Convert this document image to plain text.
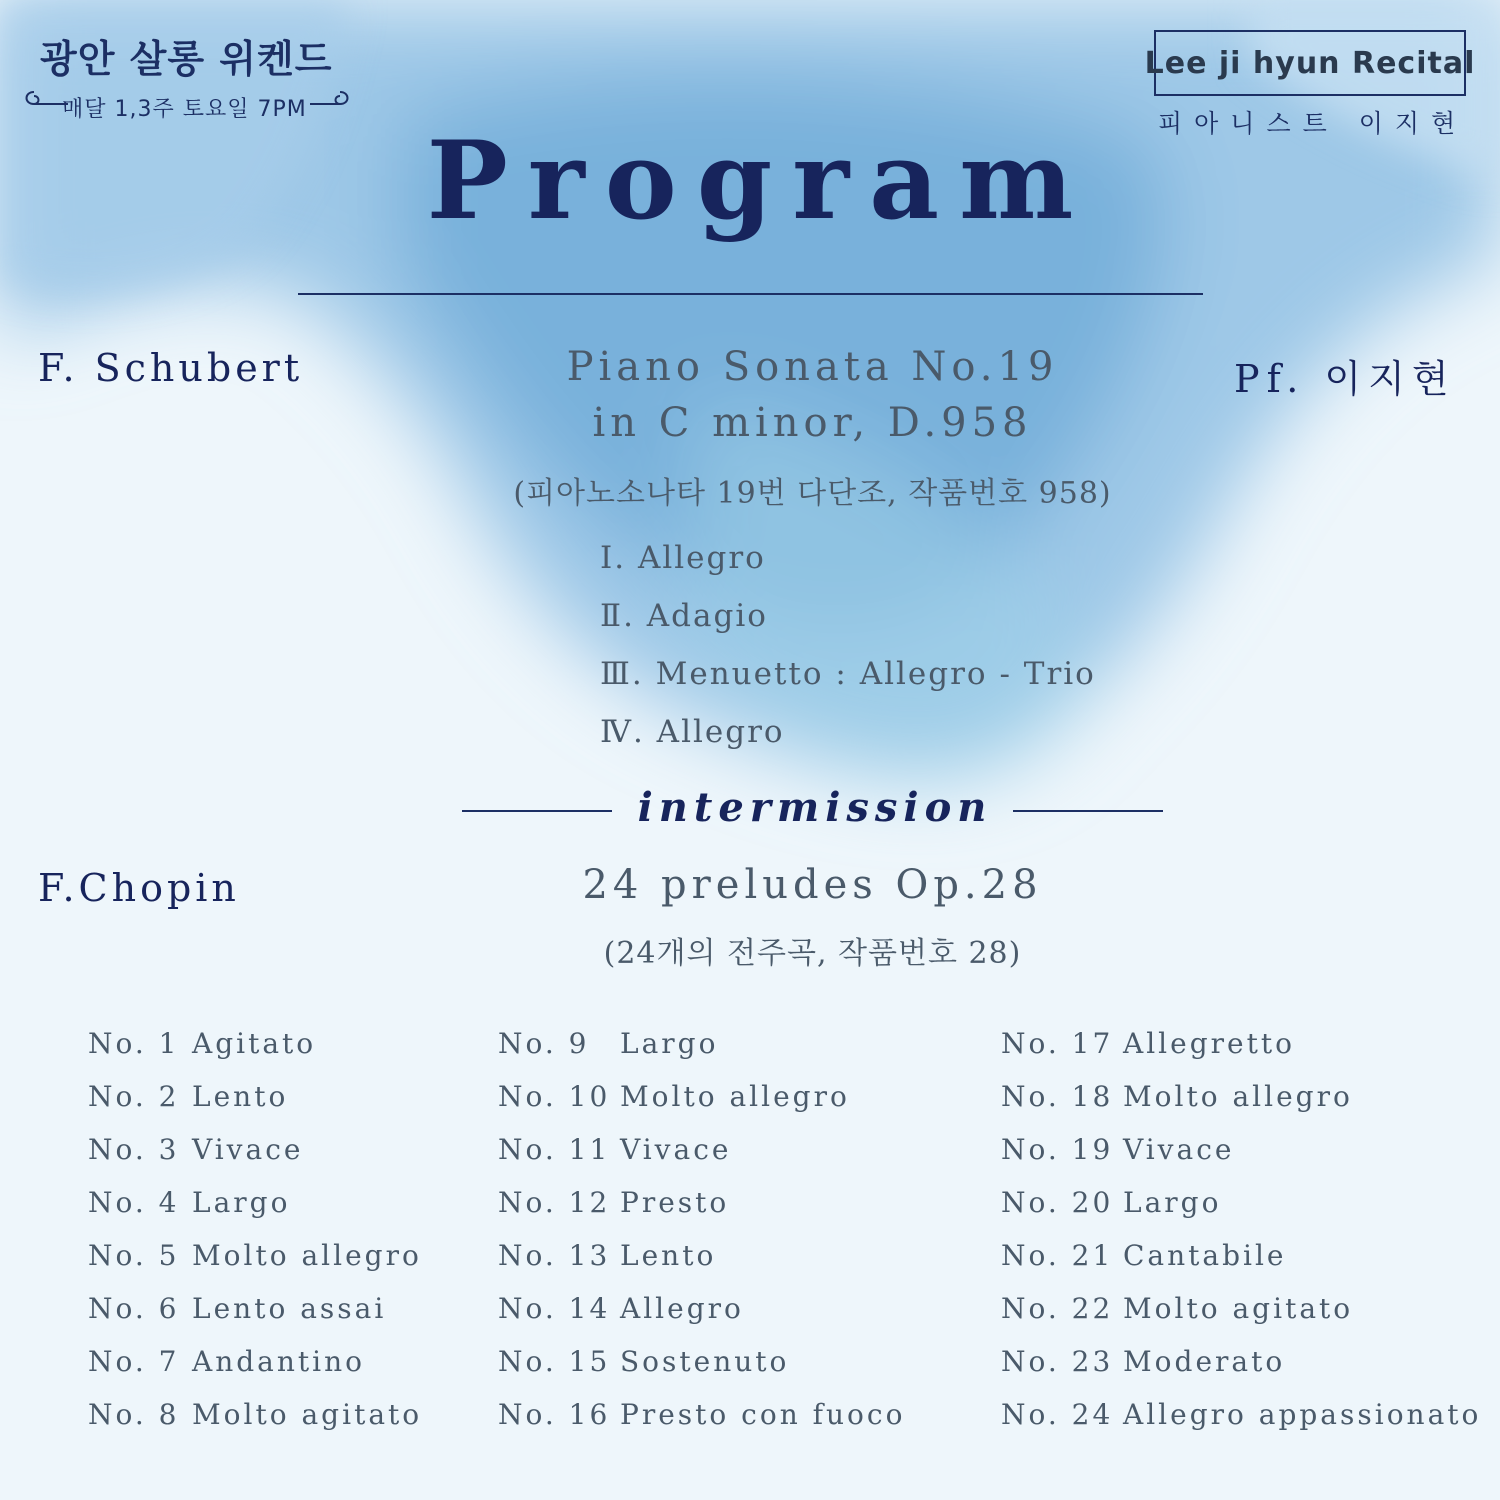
광안 살롱 위켄드
매달 1,3주 토요일 7PM
Lee ji hyun Recital
피아니스트 이지현
Program
F. Schubert	Pf. 이지현
Piano Sonata No.19
in C minor, D.958
(피아노소나타 19번 다단조, 작품번호 958)
Ⅰ. Allegro
Ⅱ. Adagio
Ⅲ. Menuetto : Allegro - Trio
Ⅳ. Allegro
intermission
F.Chopin	24 preludes Op.28
(24개의 전주곡, 작품번호 28)
No. 1 Agitato
No. 2 Lento
No. 3 Vivace
No. 4 Largo
No. 5 Molto allegro
No. 6 Lento assai
No. 7 Andantino
No. 8 Molto agitato
No. 9 Largo
No. 10 Molto allegro
No. 11 Vivace
No. 12 Presto
No. 13 Lento
No. 14 Allegro
No. 15 Sostenuto
No. 16 Presto con fuoco
No. 17 Allegretto
No. 18 Molto allegro
No. 19 Vivace
No. 20 Largo
No. 21 Cantabile
No. 22 Molto agitato
No. 23 Moderato
No. 24 Allegro appassionato
